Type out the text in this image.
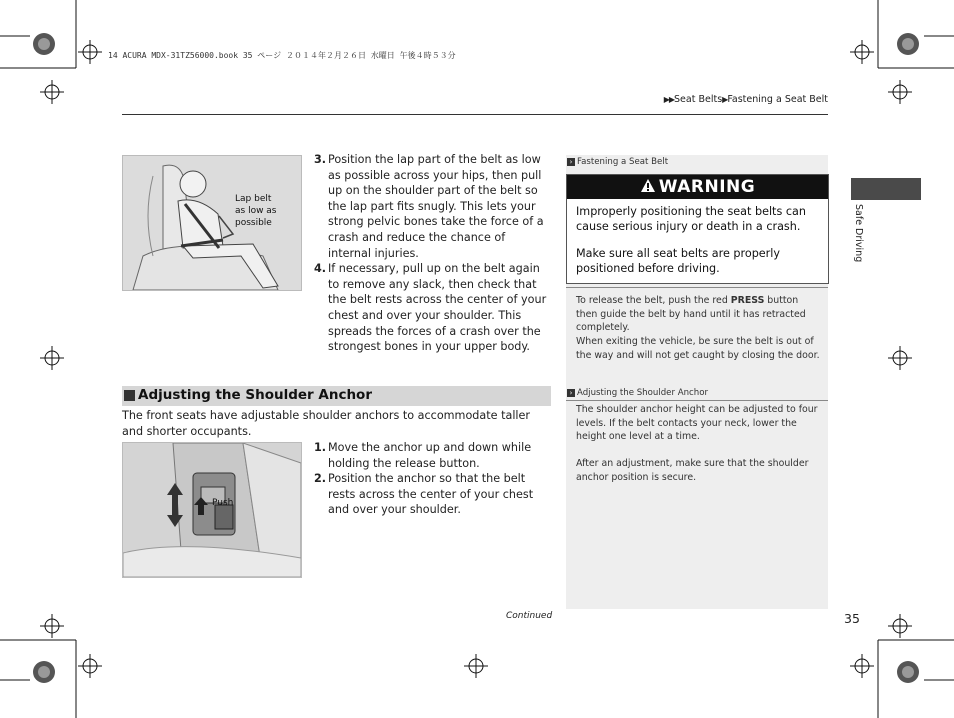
14 ACURA MDX-31TZ56000.book 35 ページ ２０１４年２月２６日 水曜日 午後４時５３分
▶▶Seat Belts▶Fastening a Seat Belt
Safe Driving
Lap belt
as low as
possible
3. Position the lap part of the belt as low as possible across your hips, then pull up on the shoulder part of the belt so the lap part fits snugly. This lets your strong pelvic bones take the force of a crash and reduce the chance of internal injuries.
4. If necessary, pull up on the belt again to remove any slack, then check that the belt rests across the center of your chest and over your shoulder. This spreads the forces of a crash over the strongest bones in your upper body.
Adjusting the Shoulder Anchor
The front seats have adjustable shoulder anchors to accommodate taller and shorter occupants.
Push
1. Move the anchor up and down while holding the release button.
2. Position the anchor so that the belt rests across the center of your chest and over your shoulder.
› Fastening a Seat Belt
WARNING
Improperly positioning the seat belts can cause serious injury or death in a crash.
Make sure all seat belts are properly positioned before driving.
To release the belt, push the red PRESS button then guide the belt by hand until it has retracted completely.
When exiting the vehicle, be sure the belt is out of the way and will not get caught by closing the door.
› Adjusting the Shoulder Anchor
The shoulder anchor height can be adjusted to four levels. If the belt contacts your neck, lower the height one level at a time.
After an adjustment, make sure that the shoulder anchor position is secure.
Continued	35
